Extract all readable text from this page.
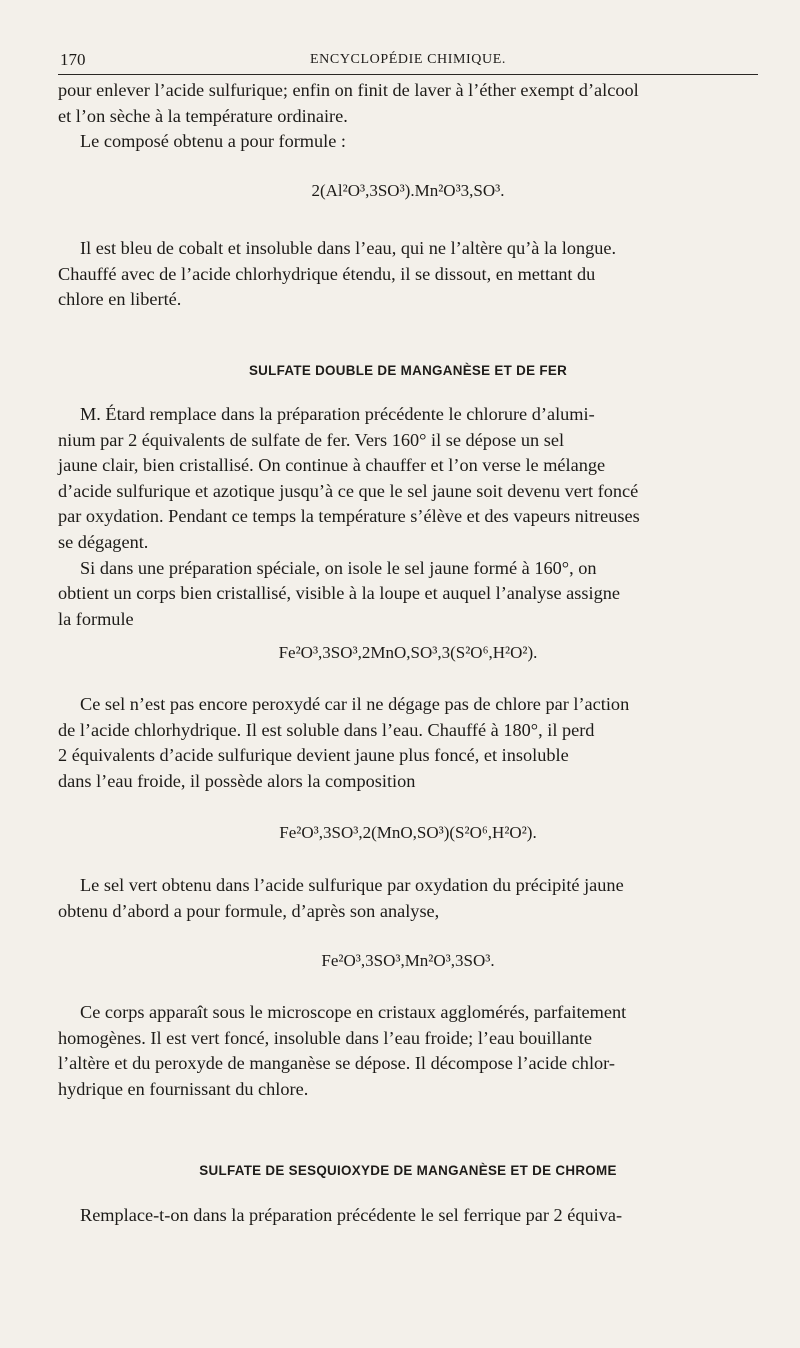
170	ENCYCLOPÉDIE CHIMIQUE.

pour enlever l’acide sulfurique; enfin on finit de laver à l’éther exempt d’alcool

et l’on sèche à la température ordinaire.

Le composé obtenu a pour formule :

2(Al²O³,3SO³).Mn²O³3,SO³.

Il est bleu de cobalt et insoluble dans l’eau, qui ne l’altère qu’à la longue.

Chauffé avec de l’acide chlorhydrique étendu, il se dissout, en mettant du

chlore en liberté.

SULFATE DOUBLE DE MANGANÈSE ET DE FER

M. Étard remplace dans la préparation précédente le chlorure d’alumi-

nium par 2 équivalents de sulfate de fer. Vers 160° il se dépose un sel

jaune clair, bien cristallisé. On continue à chauffer et l’on verse le mélange

d’acide sulfurique et azotique jusqu’à ce que le sel jaune soit devenu vert foncé

par oxydation. Pendant ce temps la température s’élève et des vapeurs nitreuses

se dégagent.

Si dans une préparation spéciale, on isole le sel jaune formé à 160°, on

obtient un corps bien cristallisé, visible à la loupe et auquel l’analyse assigne

la formule

Fe²O³,3SO³,2MnO,SO³,3(S²O⁶,H²O²).

Ce sel n’est pas encore peroxydé car il ne dégage pas de chlore par l’action

de l’acide chlorhydrique. Il est soluble dans l’eau. Chauffé à 180°, il perd

2 équivalents d’acide sulfurique devient jaune plus foncé, et insoluble

dans l’eau froide, il possède alors la composition

Fe²O³,3SO³,2(MnO,SO³)(S²O⁶,H²O²).

Le sel vert obtenu dans l’acide sulfurique par oxydation du précipité jaune

obtenu d’abord a pour formule, d’après son analyse,

Fe²O³,3SO³,Mn²O³,3SO³.

Ce corps apparaît sous le microscope en cristaux agglomérés, parfaitement

homogènes. Il est vert foncé, insoluble dans l’eau froide; l’eau bouillante

l’altère et du peroxyde de manganèse se dépose. Il décompose l’acide chlor-

hydrique en fournissant du chlore.

SULFATE DE SESQUIOXYDE DE MANGANÈSE ET DE CHROME

Remplace-t-on dans la préparation précédente le sel ferrique par 2 équiva-
